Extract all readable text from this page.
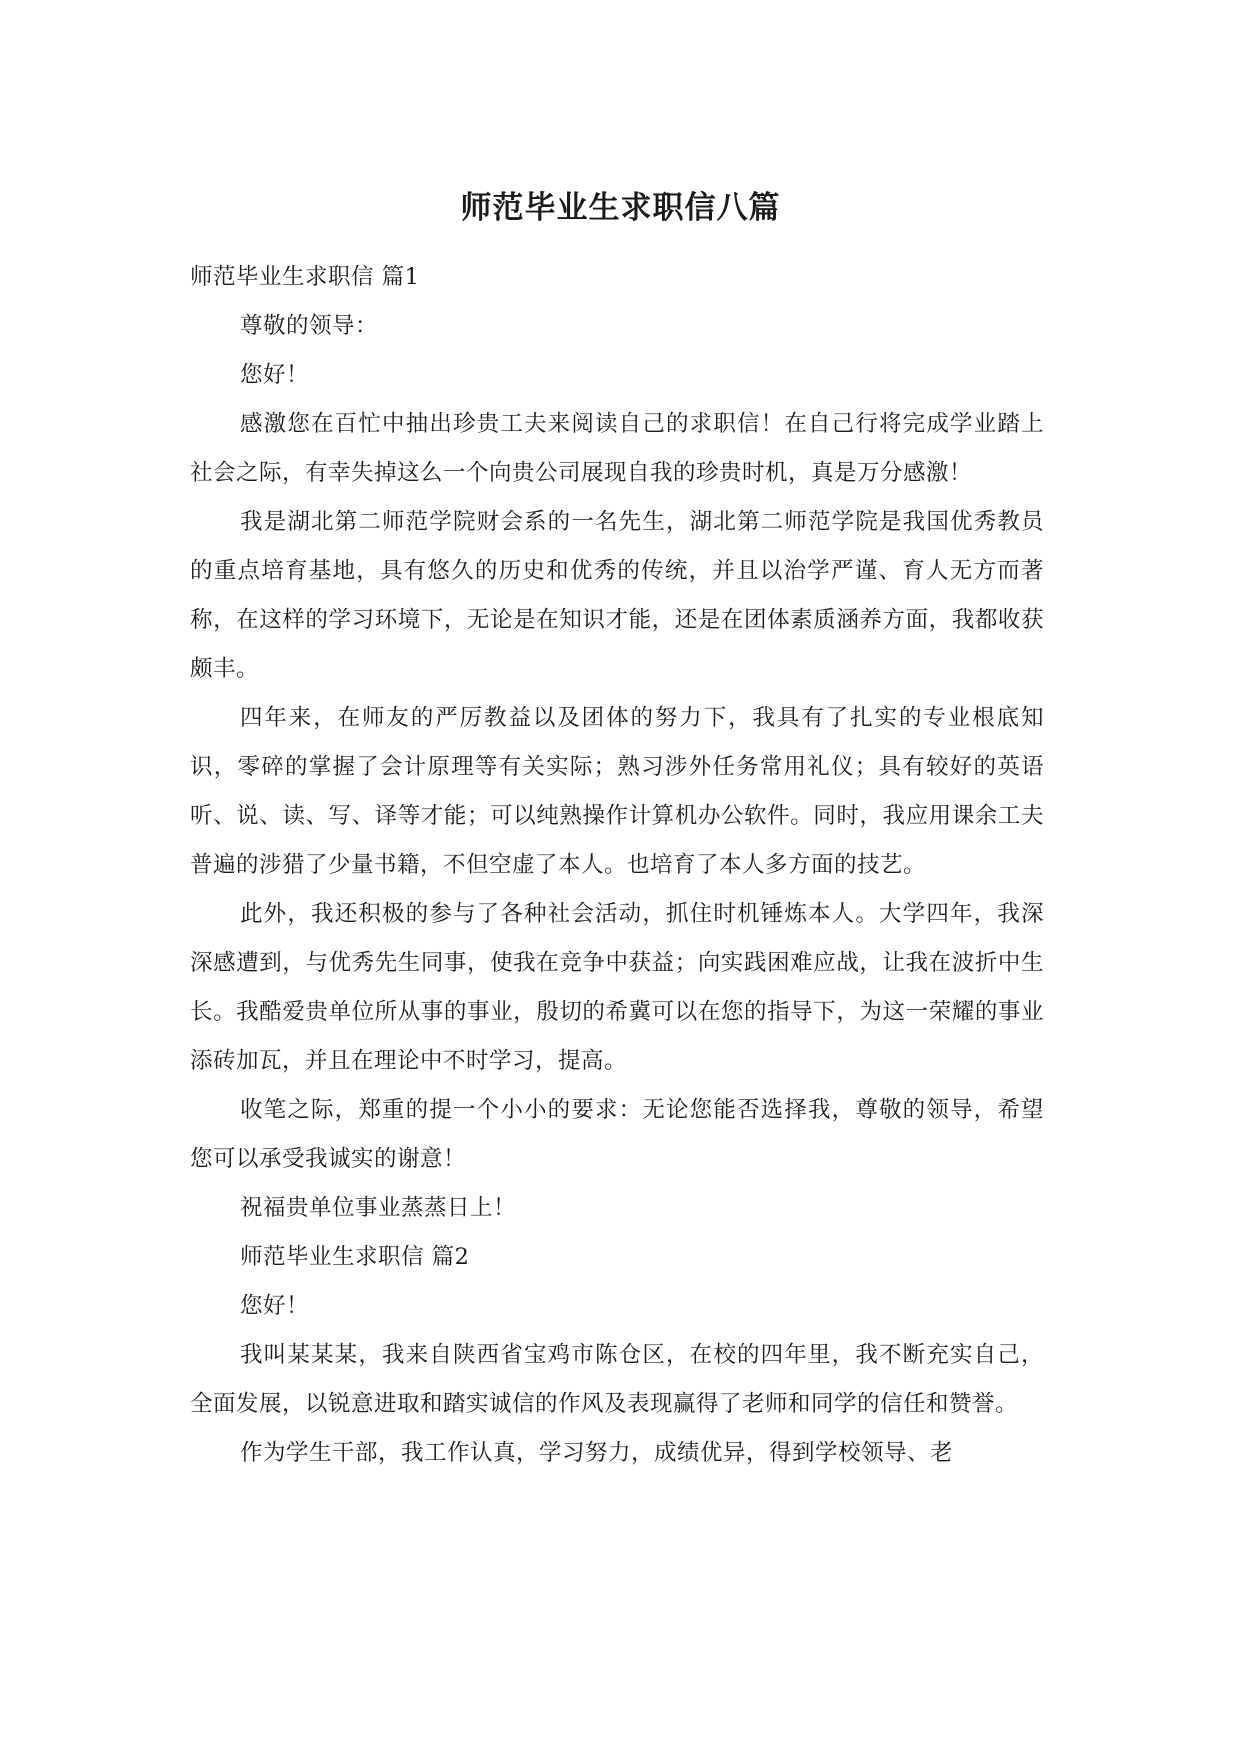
师范毕业生求职信八篇

师范毕业生求职信 篇1

尊敬的领导：

您好！

感激您在百忙中抽出珍贵工夫来阅读自己的求职信！在自己行将完成学业踏上社会之际，有幸失掉这么一个向贵公司展现自我的珍贵时机，真是万分感激！

我是湖北第二师范学院财会系的一名先生，湖北第二师范学院是我国优秀教员的重点培育基地，具有悠久的历史和优秀的传统，并且以治学严谨、育人无方而著称，在这样的学习环境下，无论是在知识才能，还是在团体素质涵养方面，我都收获颇丰。

四年来，在师友的严厉教益以及团体的努力下，我具有了扎实的专业根底知识，零碎的掌握了会计原理等有关实际；熟习涉外任务常用礼仪；具有较好的英语听、说、读、写、译等才能；可以纯熟操作计算机办公软件。同时，我应用课余工夫普遍的涉猎了少量书籍，不但空虚了本人。也培育了本人多方面的技艺。

此外，我还积极的参与了各种社会活动，抓住时机锤炼本人。大学四年，我深深感遭到，与优秀先生同事，使我在竞争中获益；向实践困难应战，让我在波折中生长。我酷爱贵单位所从事的事业，殷切的希冀可以在您的指导下，为这一荣耀的事业添砖加瓦，并且在理论中不时学习，提高。

收笔之际，郑重的提一个小小的要求：无论您能否选择我，尊敬的领导，希望您可以承受我诚实的谢意！

祝福贵单位事业蒸蒸日上！

师范毕业生求职信 篇2

您好！

我叫某某某，我来自陕西省宝鸡市陈仓区，在校的四年里，我不断充实自己，全面发展，以锐意进取和踏实诚信的作风及表现赢得了老师和同学的信任和赞誉。

作为学生干部，我工作认真，学习努力，成绩优异，得到学校领导、老
